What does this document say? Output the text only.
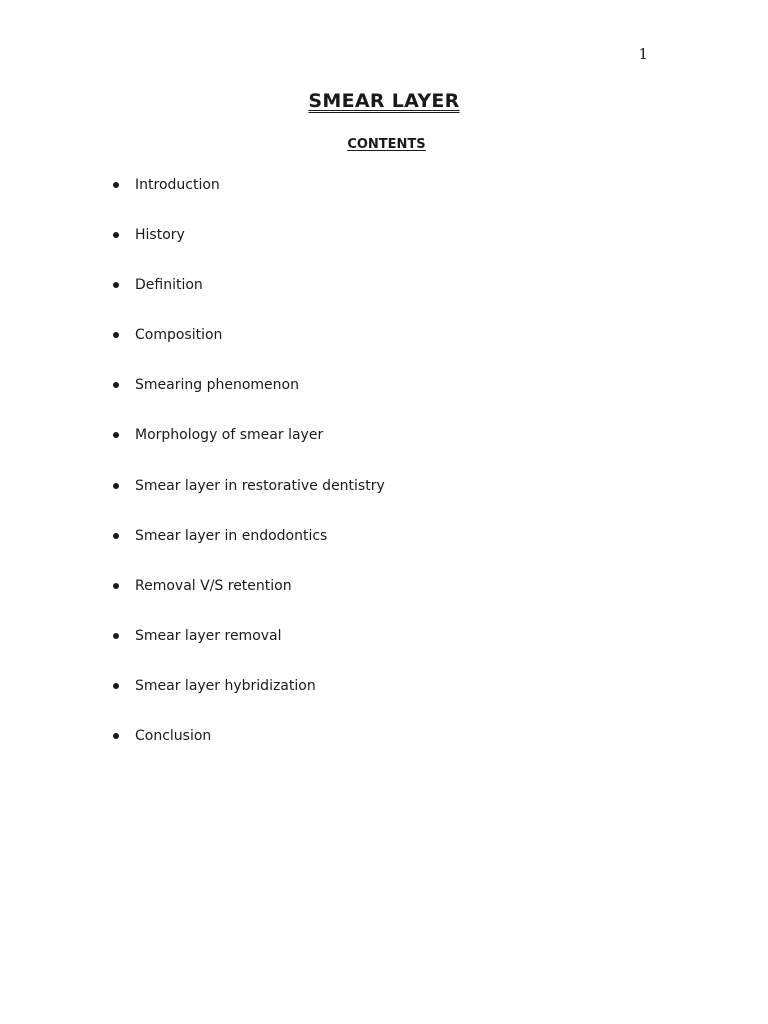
1
SMEAR LAYER
CONTENTS
Introduction
History
Definition
Composition
Smearing phenomenon
Morphology of smear layer
Smear layer in restorative dentistry
Smear layer in endodontics
Removal V/S retention
Smear layer removal
Smear layer hybridization
Conclusion
